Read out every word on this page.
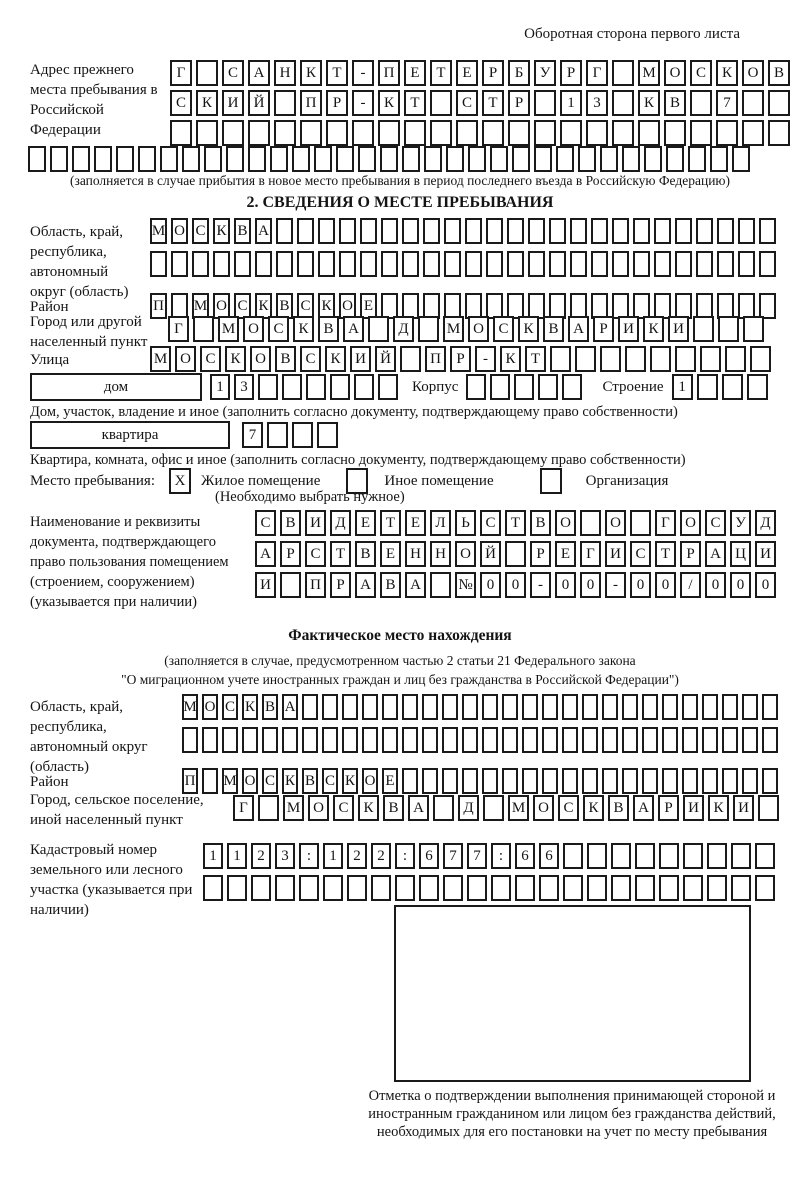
Оборотная сторона первого листа
Адрес прежнего места пребывания в Российской Федерации
Г	С	А	Н	К	Т	-	П	Е	Т	Е	Р	Б	У	Р	Г	М О	С	К	О	В
С	К	И	Й	П	Р	-	К	Т	С	Т	Р	1	3	К	В	7
(заполняется в случае прибытия в новое место пребывания в период последнего въезда в Российскую Федерацию)
2. СВЕДЕНИЯ О МЕСТЕ ПРЕБЫВАНИЯ
Область, край, республика, автономный округ (область)
М О С К В А
Район	П М О С К В С К О Е
Город или другой населенный пункт
Г	М О С К В А	Д	М О С К В А	Р	И К И
Улица	М О С К О В С К И Й	П	Р	-	К	Т
дом	1	3	Корпус	Строение 1
Дом, участок, владение и иное (заполнить согласно документу, подтверждающему право собственности)
квартира	7
Квартира, комната, офис и иное (заполнить согласно документу, подтверждающему право собственности)
Место пребывания:	X	Жилое помещение	Иное помещение	Организация
(Необходимо выбрать нужное)
Наименование и реквизиты документа, подтверждающего право пользования помещением (строением, сооружением) (указывается при наличии)
С В И Д	Е	Т	Е	Л	Ь	С	Т	В О	О	Г	О С У Д
А	Р	С	Т	В	Е	Н Н О Й	Р	Е	Г	И С	Т	Р	А Ц И
И	П	Р	А В А	№ 0	0	-	0	0	-	0	0	/	0	0	0
Фактическое место нахождения
(заполняется в случае, предусмотренном частью 2 статьи 21 Федерального закона
"О миграционном учете иностранных граждан и лиц без гражданства в Российской Федерации")
Область, край, республика, автономный округ (область)
М О С К В А
Район	П М О С К В С К О Е
Город, сельское поселение, иной населенный пункт
Г	М О С К В А	Д	М О С К В А	Р	И К И
Кадастровый номер земельного или лесного участка (указывается при наличии)
1	1	2	3	:	1	2	2	:	6	7	7	:	6	6
Отметка о подтверждении выполнения принимающей стороной и иностранным гражданином или лицом без гражданства действий, необходимых для его постановки на учет по месту пребывания
